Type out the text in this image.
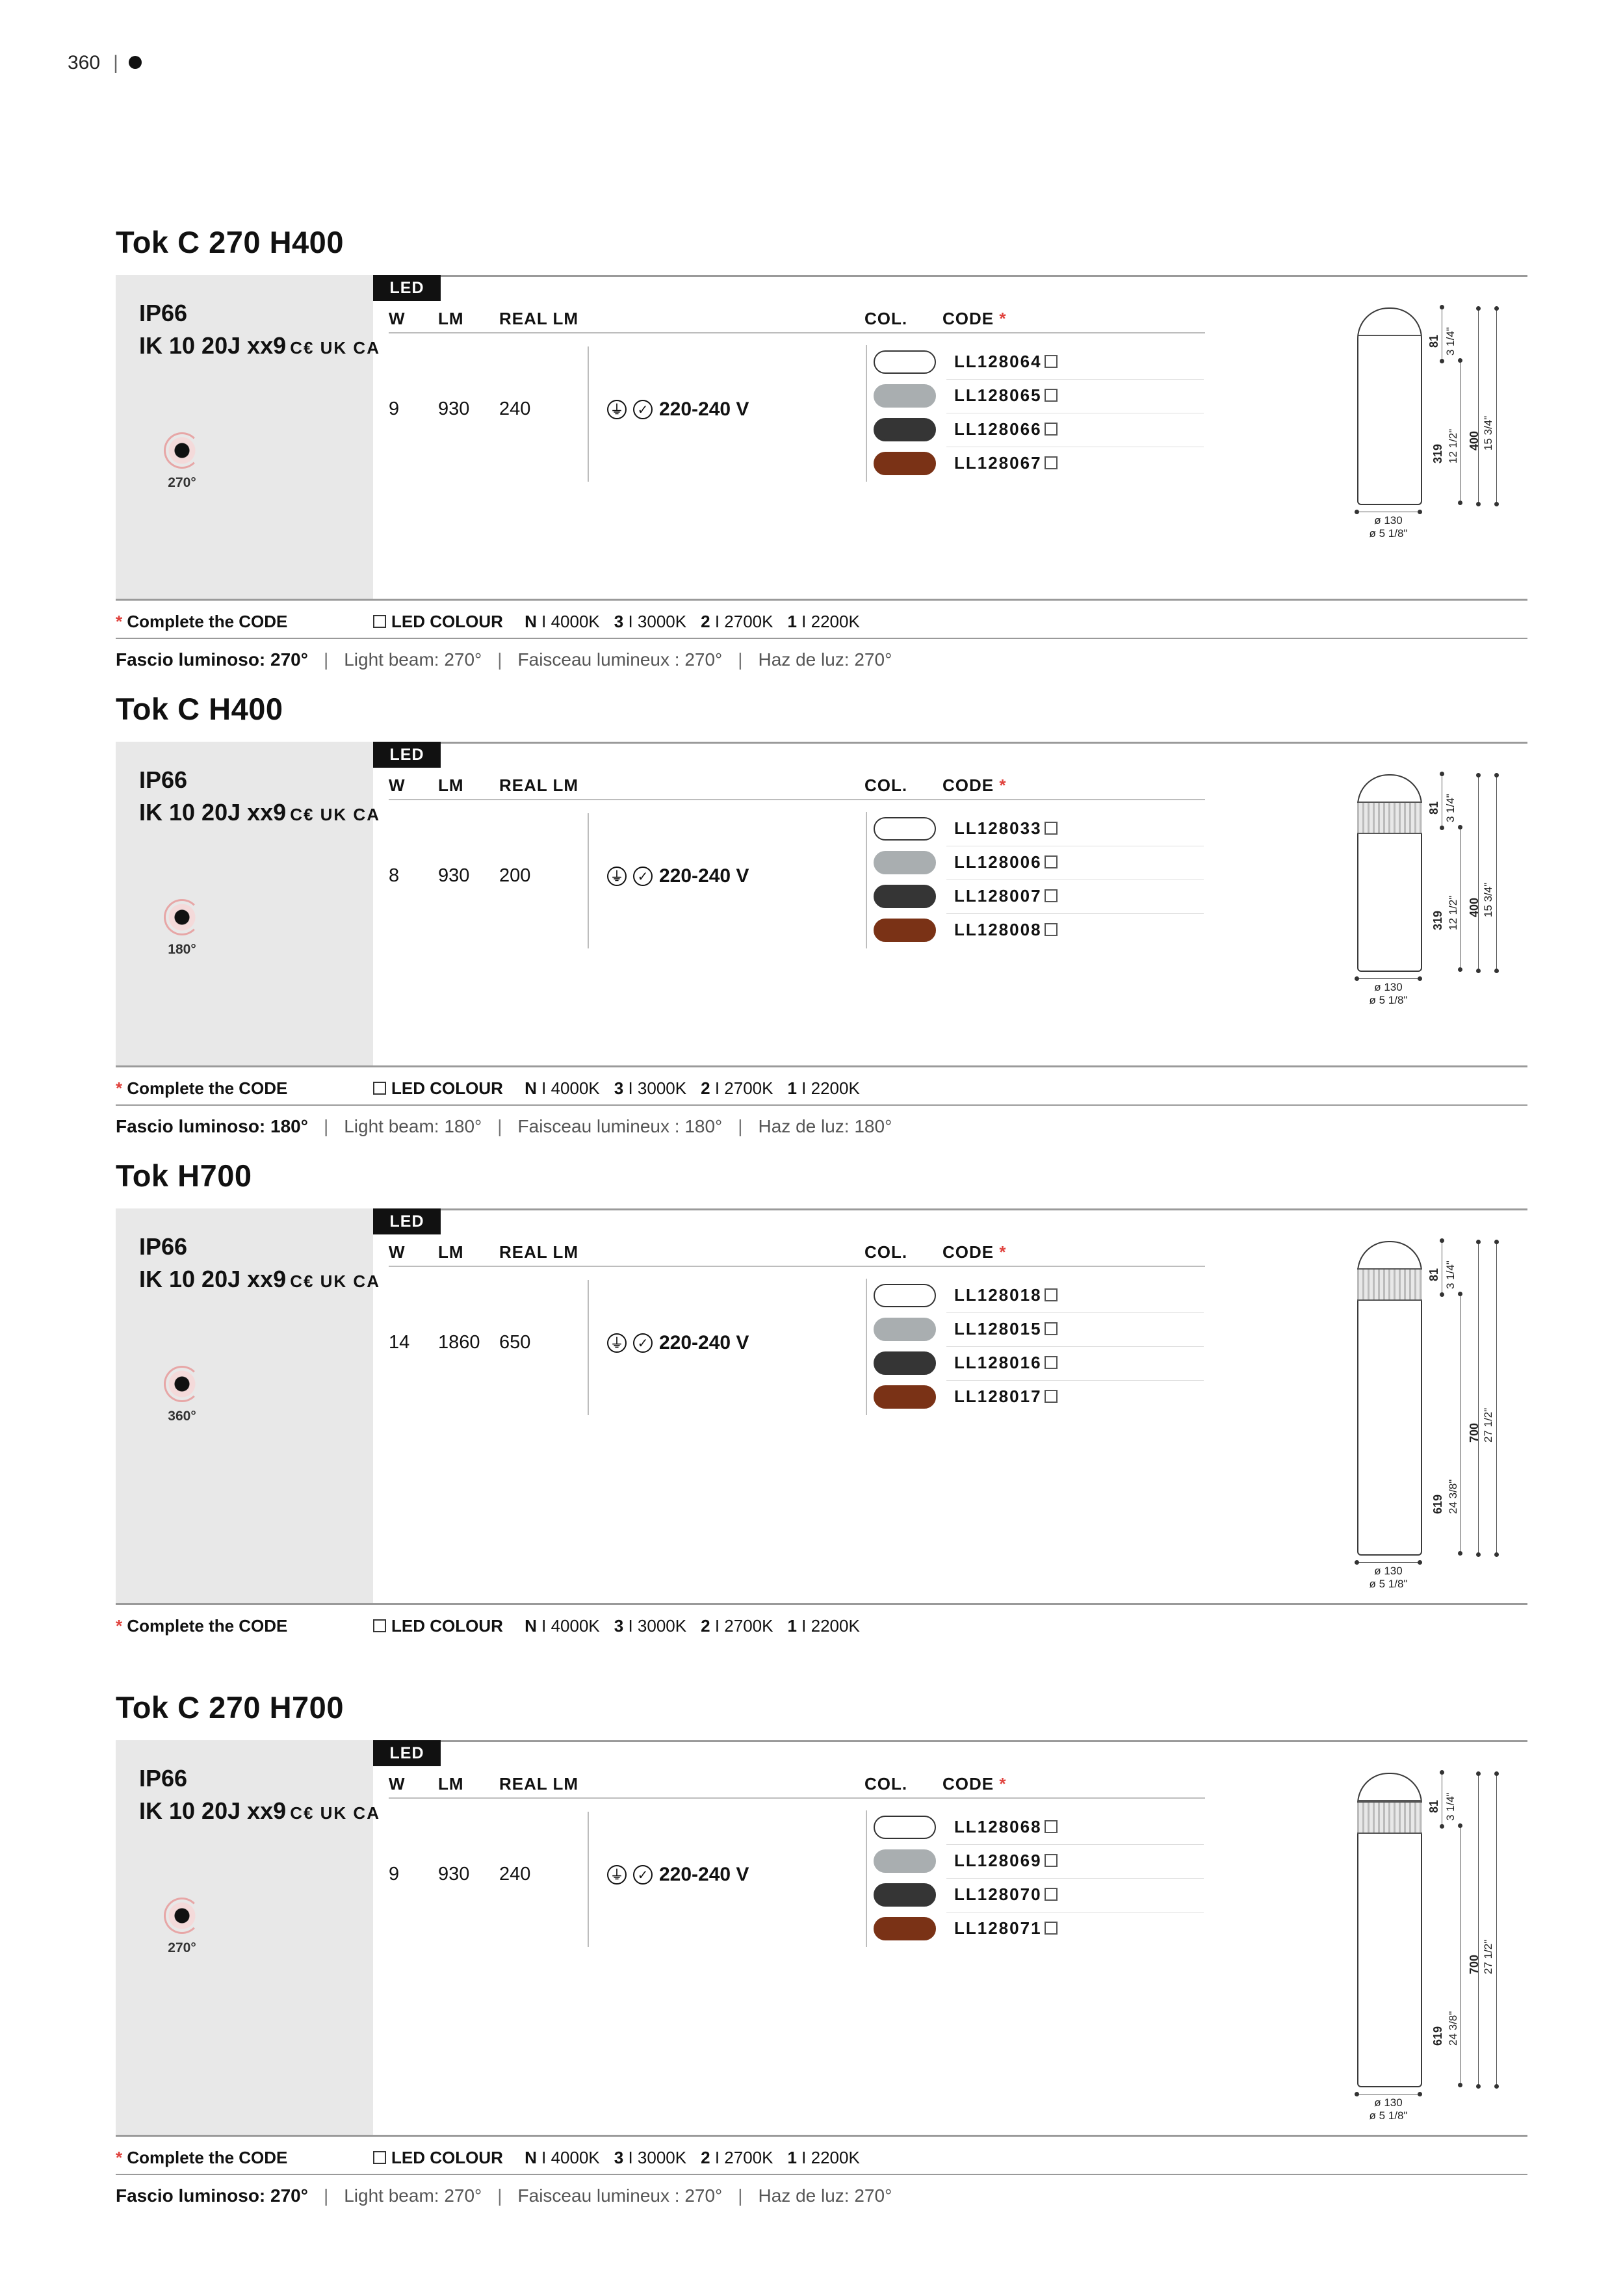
360 |
Tok C 270 H400
IP66
IK 10 20J xx9 C€ UK CA
270°
LED
W LM REAL LM	COL. CODE *
9 930 240	⏚	✓ 220-240 V
LL128064
LL128065
LL128066
LL128067
ø 130
ø 5 1/8"
81 3 1/4"
319 12 1/2" 400 15 3/4"
* Complete the CODE	LED COLOUR N I 4000K 3 I 3000K 2 I 2700K 1 I 2200K
Fascio luminoso: 270° | Light beam: 270° | Faisceau lumineux : 270° | Haz de luz: 270°
Tok C H400
IP66
IK 10 20J xx9 C€ UK CA
180°
LED
W LM REAL LM	COL. CODE *
8 930 200	⏚	✓ 220-240 V
LL128033
LL128006
LL128007
LL128008
ø 130
ø 5 1/8"
81 3 1/4"
319 12 1/2" 400 15 3/4"
* Complete the CODE	LED COLOUR N I 4000K 3 I 3000K 2 I 2700K 1 I 2200K
Fascio luminoso: 180° | Light beam: 180° | Faisceau lumineux : 180° | Haz de luz: 180°
Tok H700
IP66
IK 10 20J xx9 C€ UK CA
360°
LED
W LM REAL LM	COL. CODE *
14 1860 650	⏚	✓ 220-240 V
LL128018
LL128015
LL128016
LL128017
ø 130
ø 5 1/8"
81 3 1/4"
619 24 3/8"
700 27 1/2"
* Complete the CODE	LED COLOUR N I 4000K 3 I 3000K 2 I 2700K 1 I 2200K
Tok C 270 H700
IP66
IK 10 20J xx9 C€ UK CA
270°
LED
W LM REAL LM	COL. CODE *
9 930 240	⏚	✓ 220-240 V
LL128068
LL128069
LL128070
LL128071
ø 130
ø 5 1/8"
81 3 1/4"
619 24 3/8"
700 27 1/2"
* Complete the CODE	LED COLOUR N I 4000K 3 I 3000K 2 I 2700K 1 I 2200K
Fascio luminoso: 270° | Light beam: 270° | Faisceau lumineux : 270° | Haz de luz: 270°
